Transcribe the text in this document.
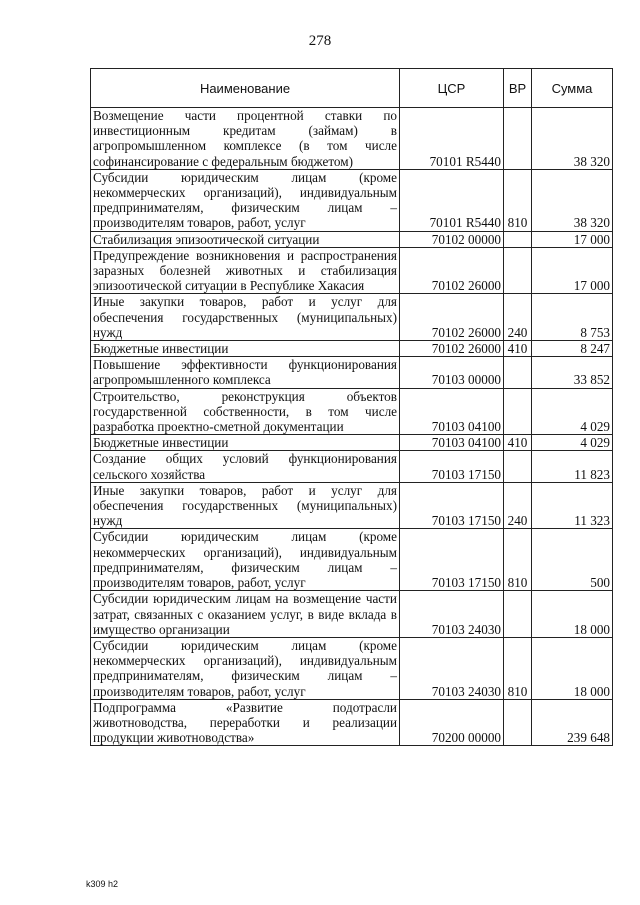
278
Наименование	ЦСР	ВР	Сумма
Возмещение части процентной ставки по инвестиционным кредитам (займам) в агропромышленном комплексе (в том числе софинансирование с федеральным бюджетом)	70101 R5440		38 320
Субсидии юридическим лицам (кроме некоммерческих организаций), индивидуальным предпринимателям, физическим лицам – производителям товаров, работ, услуг	70101 R5440	810	38 320
Стабилизация эпизоотической ситуации	70102 00000		17 000
Предупреждение возникновения и распространения заразных болезней животных и стабилизация эпизоотической ситуации в Республике Хакасия	70102 26000		17 000
Иные закупки товаров, работ и услуг для обеспечения государственных (муниципальных) нужд	70102 26000	240	8 753
Бюджетные инвестиции	70102 26000	410	8 247
Повышение эффективности функционирования агропромышленного комплекса	70103 00000		33 852
Строительство, реконструкция объектов государственной собственности, в том числе разработка проектно-сметной документации	70103 04100		4 029
Бюджетные инвестиции	70103 04100	410	4 029
Создание общих условий функционирования сельского хозяйства	70103 17150		11 823
Иные закупки товаров, работ и услуг для обеспечения государственных (муниципальных) нужд	70103 17150	240	11 323
Субсидии юридическим лицам (кроме некоммерческих организаций), индивидуальным предпринимателям, физическим лицам – производителям товаров, работ, услуг	70103 17150	810	500
Субсидии юридическим лицам на возмещение части затрат, связанных с оказанием услуг, в виде вклада в имущество организации	70103 24030		18 000
Субсидии юридическим лицам (кроме некоммерческих организаций), индивидуальным предпринимателям, физическим лицам – производителям товаров, работ, услуг	70103 24030	810	18 000
Подпрограмма «Развитие подотрасли животноводства, переработки и реализации продукции животноводства»	70200 00000		239 648
k309 h2
